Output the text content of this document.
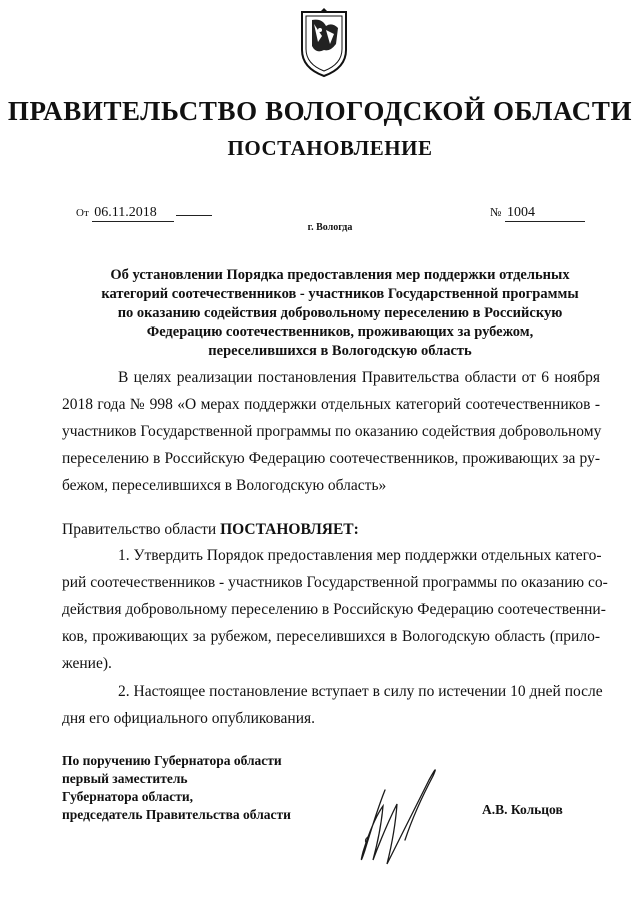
ПРАВИТЕЛЬСТВО ВОЛОГОДСКОЙ ОБЛАСТИ
ПОСТАНОВЛЕНИЕ
От 06.11.2018	№ 1004
г. Вологда
Об установлении Порядка предоставления мер поддержки отдельных
категорий соотечественников - участников Государственной программы
по оказанию содействия добровольному переселению в Российскую
Федерацию соотечественников, проживающих за рубежом,
переселившихся в Вологодскую область
В целях реализации постановления Правительства области от 6 ноября
2018 года № 998 «О мерах поддержки отдельных категорий соотечественников -
участников Государственной программы по оказанию содействия добровольному
переселению в Российскую Федерацию соотечественников, проживающих за ру-
бежом, переселившихся в Вологодскую область»
Правительство области ПОСТАНОВЛЯЕТ:
1. Утвердить Порядок предоставления мер поддержки отдельных катего-
рий соотечественников - участников Государственной программы по оказанию со-
действия добровольному переселению в Российскую Федерацию соотечественни-
ков, проживающих за рубежом, переселившихся в Вологодскую область (прило-
жение).
2. Настоящее постановление вступает в силу по истечении 10 дней после
дня его официального опубликования.
По поручению Губернатора области
первый заместитель
Губернатора области,
председатель Правительства области	А.В. Кольцов
